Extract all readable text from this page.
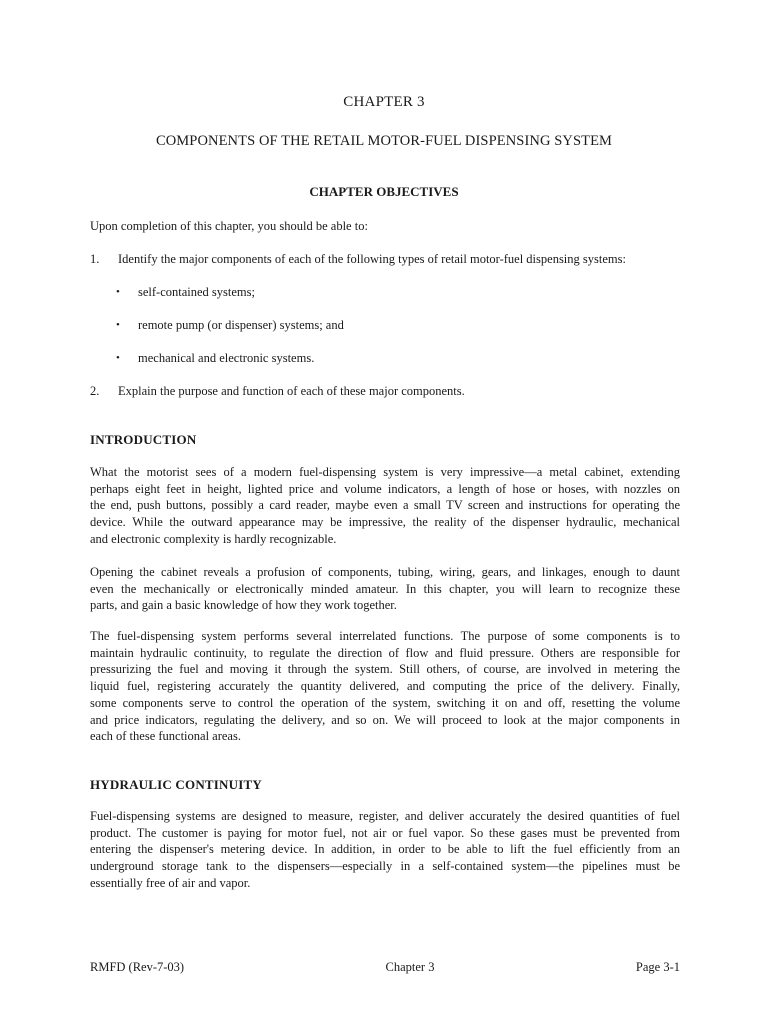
CHAPTER 3
COMPONENTS OF THE RETAIL MOTOR-FUEL DISPENSING SYSTEM
CHAPTER OBJECTIVES
Upon completion of this chapter, you should be able to:
1.	Identify the major components of each of the following types of retail motor-fuel dispensing systems:
•	self-contained systems;
•	remote pump (or dispenser) systems; and
•	mechanical and electronic systems.
2.	Explain the purpose and function of each of these major components.
INTRODUCTION
What the motorist sees of a modern fuel-dispensing system is very impressive—a metal cabinet, extending
perhaps eight feet in height, lighted price and volume indicators, a length of hose or hoses, with nozzles on
the end, push buttons, possibly a card reader, maybe even a small TV screen and instructions for operating the
device. While the outward appearance may be impressive, the reality of the dispenser hydraulic, mechanical
and electronic complexity is hardly recognizable.
Opening the cabinet reveals a profusion of components, tubing, wiring, gears, and linkages, enough to daunt
even the mechanically or electronically minded amateur. In this chapter, you will learn to recognize these
parts, and gain a basic knowledge of how they work together.
The fuel-dispensing system performs several interrelated functions. The purpose of some components is to
maintain hydraulic continuity, to regulate the direction of flow and fluid pressure. Others are responsible for
pressurizing the fuel and moving it through the system. Still others, of course, are involved in metering the
liquid fuel, registering accurately the quantity delivered, and computing the price of the delivery. Finally,
some components serve to control the operation of the system, switching it on and off, resetting the volume
and price indicators, regulating the delivery, and so on. We will proceed to look at the major components in
each of these functional areas.
HYDRAULIC CONTINUITY
Fuel-dispensing systems are designed to measure, register, and deliver accurately the desired quantities of fuel
product. The customer is paying for motor fuel, not air or fuel vapor. So these gases must be prevented from
entering the dispenser's metering device. In addition, in order to be able to lift the fuel efficiently from an
underground storage tank to the dispensers—especially in a self-contained system—the pipelines must be
essentially free of air and vapor.
RMFD (Rev-7-03)	Chapter 3	Page 3-1
